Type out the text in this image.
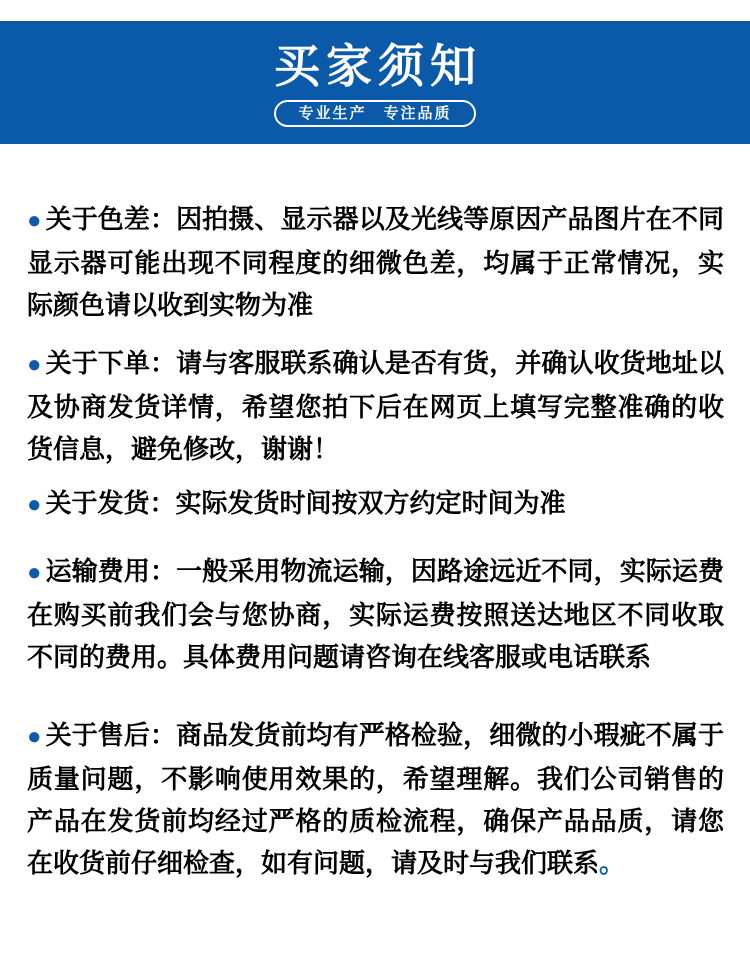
买家须知
专业生产　专注品质

● 关于色差：因拍摄、显示器以及光线等原因产品图片在不同显示器可能出现不同程度的细微色差，均属于正常情况，实际颜色请以收到实物为准

● 关于下单：请与客服联系确认是否有货，并确认收货地址以及协商发货详情，希望您拍下后在网页上填写完整准确的收货信息，避免修改，谢谢！

● 关于发货：实际发货时间按双方约定时间为准

● 运输费用：一般采用物流运输，因路途远近不同，实际运费在购买前我们会与您协商，实际运费按照送达地区不同收取不同的费用。具体费用问题请咨询在线客服或电话联系

● 关于售后：商品发货前均有严格检验，细微的小瑕疵不属于质量问题，不影响使用效果的，希望理解。我们公司销售的产品在发货前均经过严格的质检流程，确保产品品质，请您在收货前仔细检查，如有问题，请及时与我们联系。
